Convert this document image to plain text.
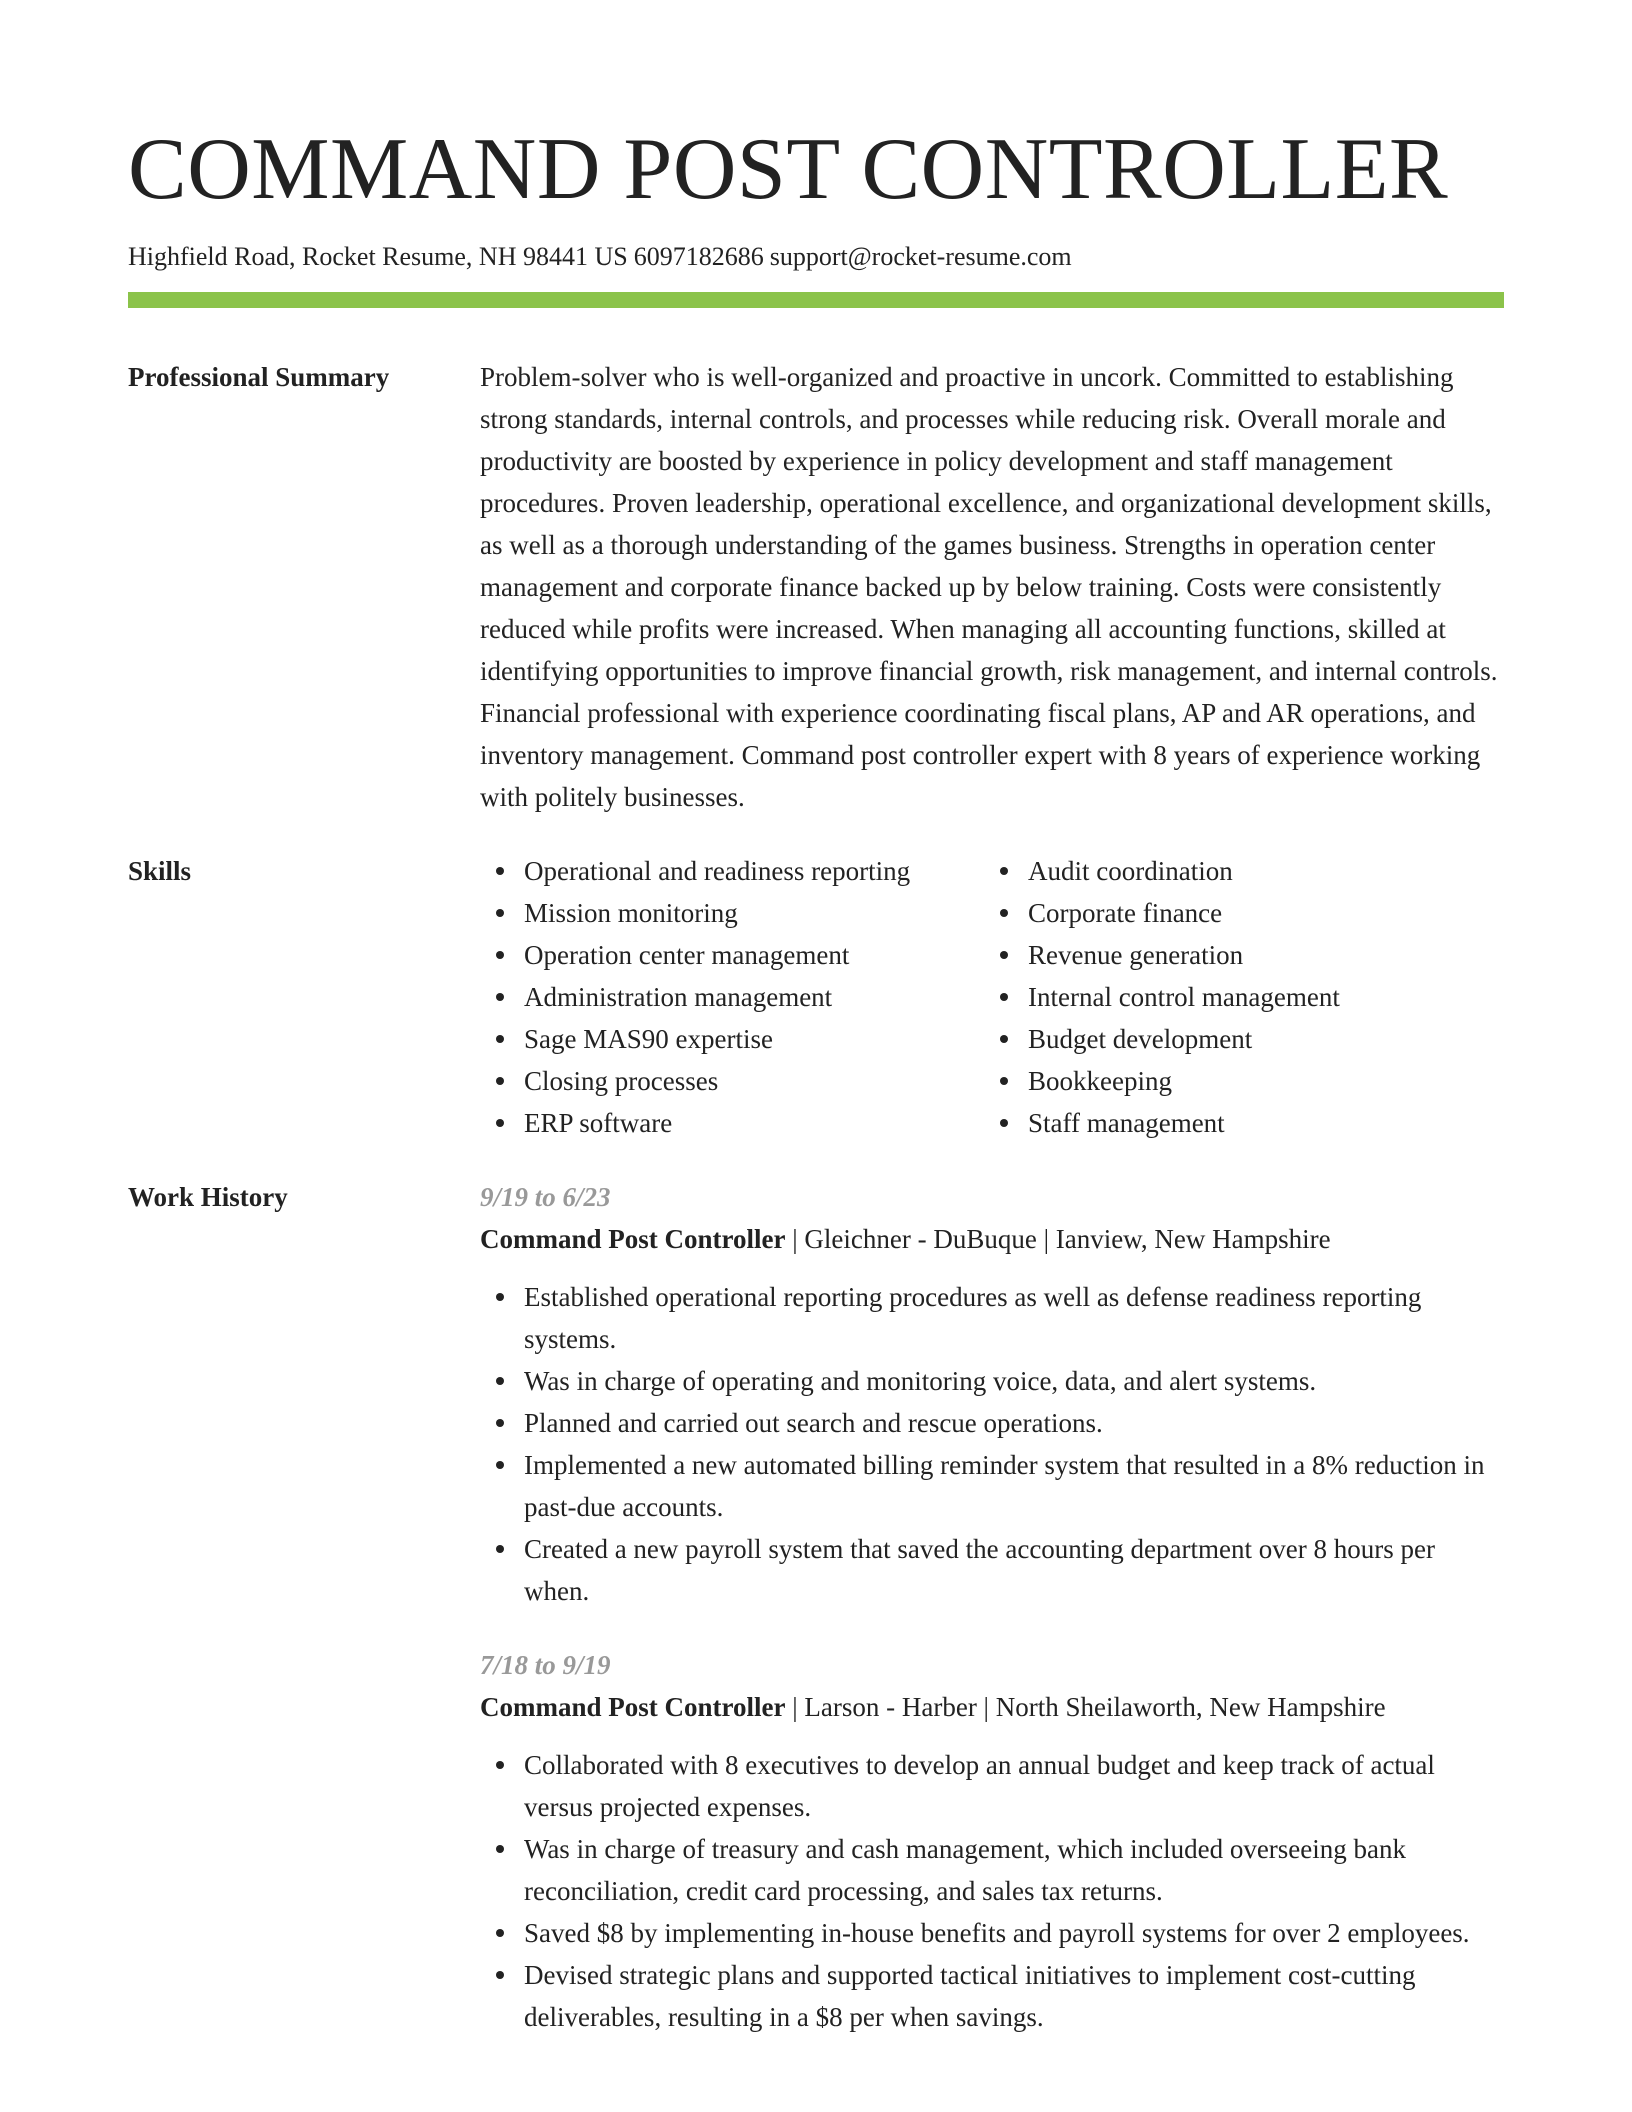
COMMAND POST CONTROLLER
Highfield Road, Rocket Resume, NH 98441 US 6097182686 support@rocket-resume.com
Professional Summary	Problem-solver who is well-organized and proactive in uncork. Committed to establishing strong standards, internal controls, and processes while reducing risk. Overall morale and productivity are boosted by experience in policy development and staff management procedures. Proven leadership, operational excellence, and organizational development skills, as well as a thorough understanding of the games business. Strengths in operation center management and corporate finance backed up by below training. Costs were consistently reduced while profits were increased. When managing all accounting functions, skilled at identifying opportunities to improve financial growth, risk management, and internal controls. Financial professional with experience coordinating fiscal plans, AP and AR operations, and inventory management. Command post controller expert with 8 years of experience working with politely businesses.
Skills	Operational and readiness reporting
Mission monitoring
Operation center management
Administration management
Sage MAS90 expertise
Closing processes
ERP software
Audit coordination
Corporate finance
Revenue generation
Internal control management
Budget development
Bookkeeping
Staff management
Work History	9/19 to 6/23
Command Post Controller | Gleichner - DuBuque | Ianview, New Hampshire
Established operational reporting procedures as well as defense readiness reporting systems.
Was in charge of operating and monitoring voice, data, and alert systems.
Planned and carried out search and rescue operations.
Implemented a new automated billing reminder system that resulted in a 8% reduction in past-due accounts.
Created a new payroll system that saved the accounting department over 8 hours per when.
7/18 to 9/19
Command Post Controller | Larson - Harber | North Sheilaworth, New Hampshire
Collaborated with 8 executives to develop an annual budget and keep track of actual versus projected expenses.
Was in charge of treasury and cash management, which included overseeing bank reconciliation, credit card processing, and sales tax returns.
Saved $8 by implementing in-house benefits and payroll systems for over 2 employees.
Devised strategic plans and supported tactical initiatives to implement cost-cutting deliverables, resulting in a $8 per when savings.
